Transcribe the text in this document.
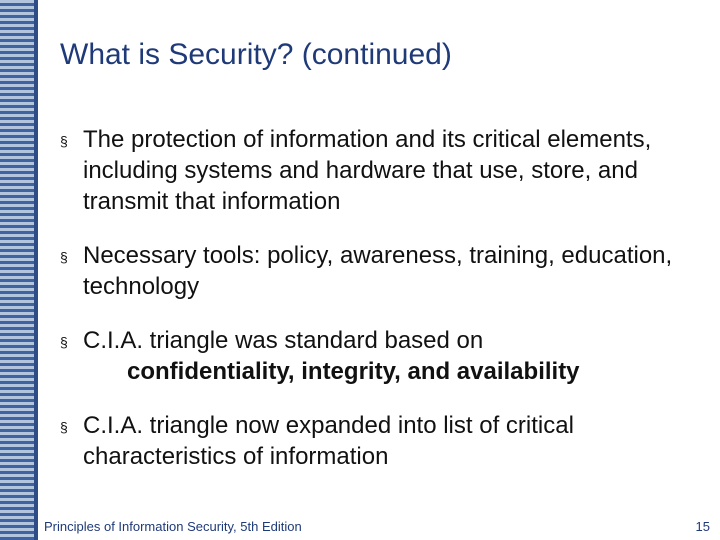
What is Security? (continued)
§ The protection of information and its critical elements, including systems and hardware that use, store, and transmit that information
§ Necessary tools: policy, awareness, training, education, technology
§ C.I.A. triangle was standard based on
confidentiality, integrity, and availability
§ C.I.A. triangle now expanded into list of critical characteristics of information
Principles of Information Security, 5th Edition	15
